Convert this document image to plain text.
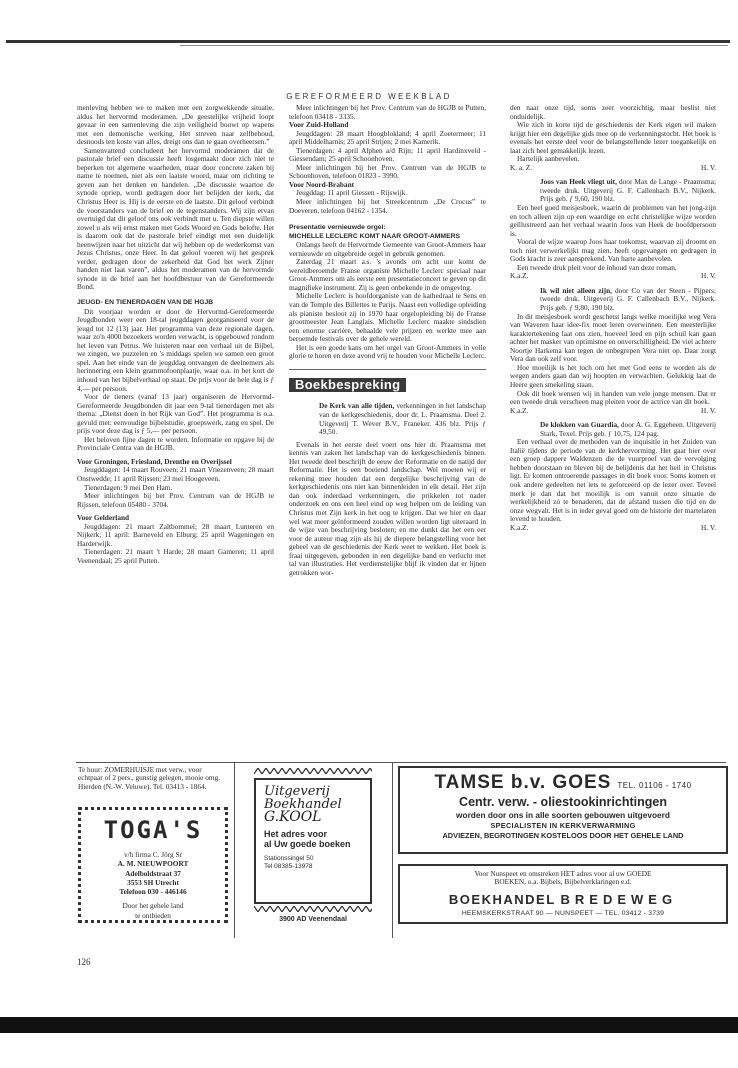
GEREFORMEERD WEEKBLAD

menleving hebben we te maken met een zorgwekkende situatie, aldus het hervormd moderamen. „De geestelijke vrijheid loopt gevaar in een samenleving die zijn veiligheid bouwt op wapens met een demonische werking. Het streven naar zelfbehoud, desnoods ten koste van alles, dreigt ons dan te gaan overheersen.”

Samenvattend concludeert het hervormd moderamen dat de pastorale brief een discussie heeft losgemaakt door zich niet te beperken tot algemene waarheden, maar door concrete zaken bij name te noemen, niet als een laatste woord, maar om richting te geven aan het denken en handelen. „De discussie waartoe de synode opriep, wordt gedragen door het belijden der kerk, dat Christus Heer is. Hij is de eerste en de laatste. Dit geloof verbindt de voorstanders van de brief en de tegenstanders. Wij zijn ervan overtuigd dat dit geloof ons ook verbindt met u. Ten diepste willen zowel u als wij ernst maken met Gods Woord en Gods belofte. Het is daarom ook dat de pastorale brief eindigt met een duidelijk heenwijzen naar het uitzicht dat wij hebben op de wederkomst van Jezus Christus, onze Heer. In dat geloof voeren wij het gesprek verder, gedragen door de zekerheid dat God het werk Zijner handen niet laat varen”, aldus het moderamen van de hervormde synode in de brief aan het hoofdbestuur van de Gereformeerde Bond.

JEUGD- EN TIENERDAGEN VAN DE HGJB

Dit voorjaar worden er door de Hervormd-Gereformeerde Jeugdbonden weer een 18-tal jeugddagen georganiseerd voor de jeugd tot 12 (13) jaar. Het programma van deze regionale dagen, waar zo'n 4000 bezoekers worden verwacht, is opgebouwd rondom het leven van Petrus. We luisteren naar een verhaal uit de Bijbel, we zingen, we puzzelen en 's middags spelen we samen een groot spel. Aan het einde van de jeugddag ontvangen de deelnemers als herinnering een klein grammofoonplaatje, waar o.a. in het kort de inhoud van het bijbelverhaal op staat. De prijs voor de hele dag is ƒ 4,— per persoon.

Voor de tieners (vanaf 13 jaar) organiseren de Hervormd-Gereformeerde Jeugdbonden dit jaar een 9-tal tienerdagen met als thema: „Dienst doen in het Rijk van God”. Het programma is o.a. gevuld met: eenvoudige bijbelstudie, groepswerk, zang en spel. De prijs voor deze dag is ƒ 5,— per persoon.

Het beloven fijne dagen te worden. Informatie en opgave bij de Provinciale Centra van de HGJB.

Voor Groningen, Friesland, Drenthe en Overijssel

Jeugddagen: 14 maart Rouveen; 21 maart Vriezenveen; 28 maart Onstwedde; 11 april Rijssen; 23 mei Hoogeveen.

Tienerdagen: 9 mei Den Ham.

Meer inlichtingen bij het Prov. Centrum van de HGJB te Rijssen, telefoon 05480 - 3704.

Voor Gelderland

Jeugddagen: 21 maart Zaltbommel; 28 maart Lunteren en Nijkerk; 11 april: Barneveld en Elburg; 25 april Wageningen en Harderwijk.

Tienerdagen: 21 maart 't Harde; 28 maart Gameren; 11 april Veenendaal; 25 april Putten.

Meer inlichtingen bij het Prov. Centrum van de HGJB te Putten, telefoon 03418 - 3335.

Voor Zuid-Holland

Jeugddagen: 28 maart Hoogblokland; 4 april Zoetermeer; 11 april Middelharnis; 25 april Strijen; 2 mei Kamerik.

Tienerdagen: 4 april Alphen a/d Rijn; 11 april Hardinxveld - Giessendam; 25 april Schoonhoven.

Meer inlichtingen bij het Prov. Centrum van de HGJB te Schoonhoven, telefoon 01823 - 3990.

Voor Noord-Brabant

Jeugddag: 11 april Giessen - Rijswijk.

Meer inlichtingen bij het Streekcentrum „De Crocus” te Doeveren, telefoon 04162 - 1354.

Presentatie vernieuwde orgel:

MICHELLE LECLERC KOMT NAAR GROOT-AMMERS

Onlangs heeft de Hervormde Gemeente van Groot-Ammers haar vernieuwde en uitgebreide orgel in gebruik genomen.

Zaterdag 21 maart a.s. 's avonds om acht uur komt de wereldberoemde Franse organiste Michelle Leclerc speciaal naar Groot-Ammers om als eerste een presentatieconcert te geven op dit magnifieke instrument. Zij is geen onbekende in de omgeving.

Michelle Leclerc is hoofdorganiste van de kathedraal te Sens en van de Temple des Billettes te Parijs. Naast een volledige opleiding als pianiste besloot zij in 1970 haar orgelopleiding bij de Franse grootmeester Jean Langlais. Michelle Leclerc maakte sindsdien een enorme carrière, behaalde vele prijzen en werkte mee aan beroemde festivals over de gehele wereld.

Het is een goede kans om het orgel van Groot-Ammers in volle glorie te horen en deze avond vrij te houden voor Michelle Leclerc.

Boekbespreking

De Kerk van alle tijden, verkenningen in het landschap van de kerkgeschiedenis, door dr. L. Praamsma. Deel 2. Uitgeverij T. Wever B.V., Franeker. 436 blz. Prijs ƒ 49,50.

Evenals in het eerste deel voert ons hier dr. Praamsma met kennis van zaken het landschap van de kerkgeschiedenis binnen. Het tweede deel beschrijft de eeuw der Reformatie en de natijd der Reformatie. Het is een boeiend landschap. Wel moeten wij er rekening mee houden dat een dergelijke beschrijving van de kerkgeschiedenis ons niet kan binnenleiden in elk detail. Het zijn dan ook inderdaad verkenningen, die prikkelen tot nader onderzoek en ons een heel eind op weg helpen om de leiding van Christus met Zijn kerk in het oog te krijgen. Dat we hier en daar wel wat meer geïnformeerd zouden willen worden ligt uiteraard in de wijze van beschrijving besloten; en me dunkt dat het een eer voor de auteur mag zijn als hij de diepere belangstelling voor het geheel van de geschiedenis der Kerk weet te wekken. Het boek is fraai uitgegeven, gebonden in een degelijke band en verlucht met tal van illustraties. Het verdienstelijke blijf ik vinden dat er lijnen getrokken wor-

den naar onze tijd, soms zeer voorzichtig, maar beslist niet onduidelijk.

Wie zich in korte tijd de geschiedenis der Kerk eigen wil maken krijgt hier een degelijke gids mee op de verkenningstocht. Het boek is evenals het eerste deel voor de belangstellende lezer toegankelijk en laat zich heel gemakkelijk lezen.

Hartelijk aanbevelen.

K. a. Z.	H. V.

Joos van Heek vliegt uit, door Max de Lange - Praamsma; tweede druk. Uitgeverij G. F. Callenbach B.V., Nijkerk. Prijs geb. ƒ 9,60, 190 blz.

Een heel goed meisjesboek, waarin de problemen van het jong-zijn en toch alleen zijn op een waardige en echt christelijke wijze worden geïllustreerd aan het verhaal waarin Joos van Heek de hoofdpersoon is.

Vooral de wijze waarop Joos haar toekomst, waarvan zij droomt en toch niet verwerkelijkt mag zien, heeft opgevangen en gedragen in Gods kracht is zeer aansprekend. Van harte aanbevolen.

Een tweede druk pleit voor de inhoud van deze roman.

K.a.Z.	H. V.

Ik wil niet alleen zijn, door Co van der Steen - Pijpers; tweede druk. Uitgeverij G. F. Callenbach B.V., Nijkerk. Prijs geb. ƒ 9,80, 190 blz.

In dit meisjesboek wordt geschetst langs welke moeilijke weg Vera van Waveren haar idee-fix moet leren overwinnen. Een meesterlijke karaktertekening laat ons zien, hoeveel leed en pijn schuil kan gaan achter het masker van optimisme en onverschilligheid. De viel achtere Noortje Harkema kan tegen de onbegrepen Vera niet op. Daar zorgt Vera dan ook zelf voor.

Hoe moeilijk is het toch om het met God eens te worden als de wegen anders gaan dan wij hoopten en verwachten. Gelukkig laat de Heere geen smekeling staan.

Ook dit boek wensen wij in handen van vele jonge mensen. Dat er een tweede druk verscheen mag pleiten voor de actrice van dit boek.

K.a.Z.	H. V.

De klokken van Guardia, door A. G. Eggebeen. Uitgeverij Stark, Texel. Prijs geb. ƒ 10,75, 124 pag.

Een verhaal over de methoden van de inquisitie in het Zuiden van Italië tijdens de periode van de kerkhervorming. Het gaat hier over een groep dappere Waldenzen die de vuurproef van de vervolging hebben doorstaan en bleven bij de belijdenis dat het heil in Christus ligt. Er komen ontroerende passages in dit boek voor. Soms komen er ook andere gedeelten net iets te geforceerd op de lezer over. Teveel merk je dan dat het moeilijk is om vanuit onze situatie de werkelijkheid zó te benaderen, dat de afstand tussen die tijd en de onze wegvalt. Het is in ieder geval goed om de historie der martelaren levend te houden.

K.a.Z.	H. V.
Te huur: ZOMERHUISJE met verw., voor echtpaar of 2 pers., gunstig gelegen, mooie omg. Hierden (N.-W. Veluwe). Tel. 03413 - 1864.
TOGA'S
v/h firma C. Jörg Sr
A. M. NIEUWPOORT
Adelboldstraat 37
3553 SH Utrecht
Telefoon 030 - 446146
Door het gehele land
te ontbieden
Uitgeverij
Boekhandel
G.KOOL
Het adres voor
al Uw goede boeken
Stationssingel 50
Tel 08385-13978
3900 AD Veenendaal
TAMSE b.v. GOES TEL. 01106 - 1740
Centr. verw. - oliestookinrichtingen
worden door ons in alle soorten gebouwen uitgevoerd
SPECIALISTEN IN KERKVERWARMING
ADVIEZEN, BEGROTINGEN KOSTELOOS DOOR HET GEHELE LAND
Voor Nunspeet en omstreken HET adres voor al uw GOEDE
BOEKEN, o.a. Bijbels, Bijbelverklaringen e.d.
BOEKHANDEL BREDEWEG
HEEMSKERKSTRAAT 90 — NUNSPEET — TEL. 03412 - 3739
126
